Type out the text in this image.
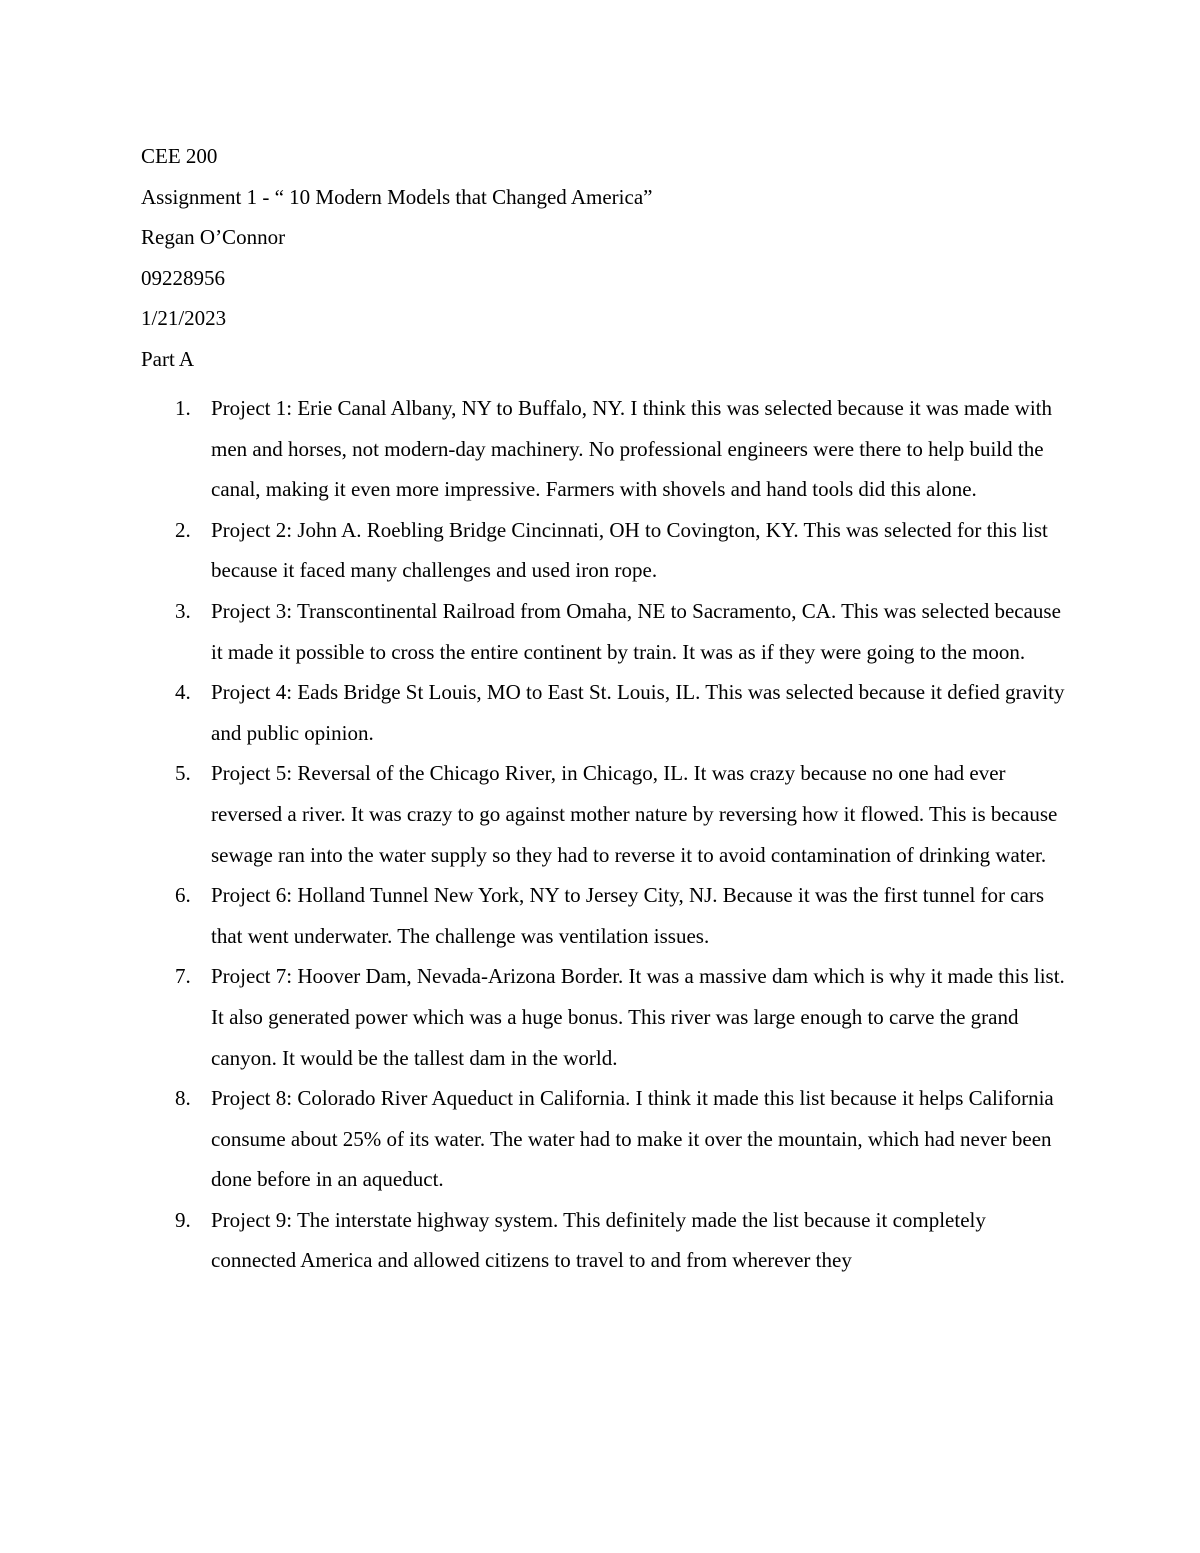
CEE 200
Assignment 1 - “ 10 Modern Models that Changed America”
Regan O’Connor
09228956
1/21/2023
Part A
1. Project 1: Erie Canal Albany, NY to Buffalo, NY. I think this was selected because it was made with men and horses, not modern-day machinery. No professional engineers were there to help build the canal, making it even more impressive. Farmers with shovels and hand tools did this alone.
2. Project 2: John A. Roebling Bridge Cincinnati, OH to Covington, KY. This was selected for this list because it faced many challenges and used iron rope.
3. Project 3: Transcontinental Railroad from Omaha, NE to Sacramento, CA. This was selected because it made it possible to cross the entire continent by train. It was as if they were going to the moon.
4. Project 4: Eads Bridge St Louis, MO to East St. Louis, IL. This was selected because it defied gravity and public opinion.
5. Project 5: Reversal of the Chicago River, in Chicago, IL. It was crazy because no one had ever reversed a river. It was crazy to go against mother nature by reversing how it flowed. This is because sewage ran into the water supply so they had to reverse it to avoid contamination of drinking water.
6. Project 6: Holland Tunnel New York, NY to Jersey City, NJ. Because it was the first tunnel for cars that went underwater. The challenge was ventilation issues.
7. Project 7: Hoover Dam, Nevada-Arizona Border. It was a massive dam which is why it made this list. It also generated power which was a huge bonus. This river was large enough to carve the grand canyon. It would be the tallest dam in the world.
8. Project 8: Colorado River Aqueduct in California. I think it made this list because it helps California consume about 25% of its water. The water had to make it over the mountain, which had never been done before in an aqueduct.
9. Project 9: The interstate highway system. This definitely made the list because it completely connected America and allowed citizens to travel to and from wherever they
